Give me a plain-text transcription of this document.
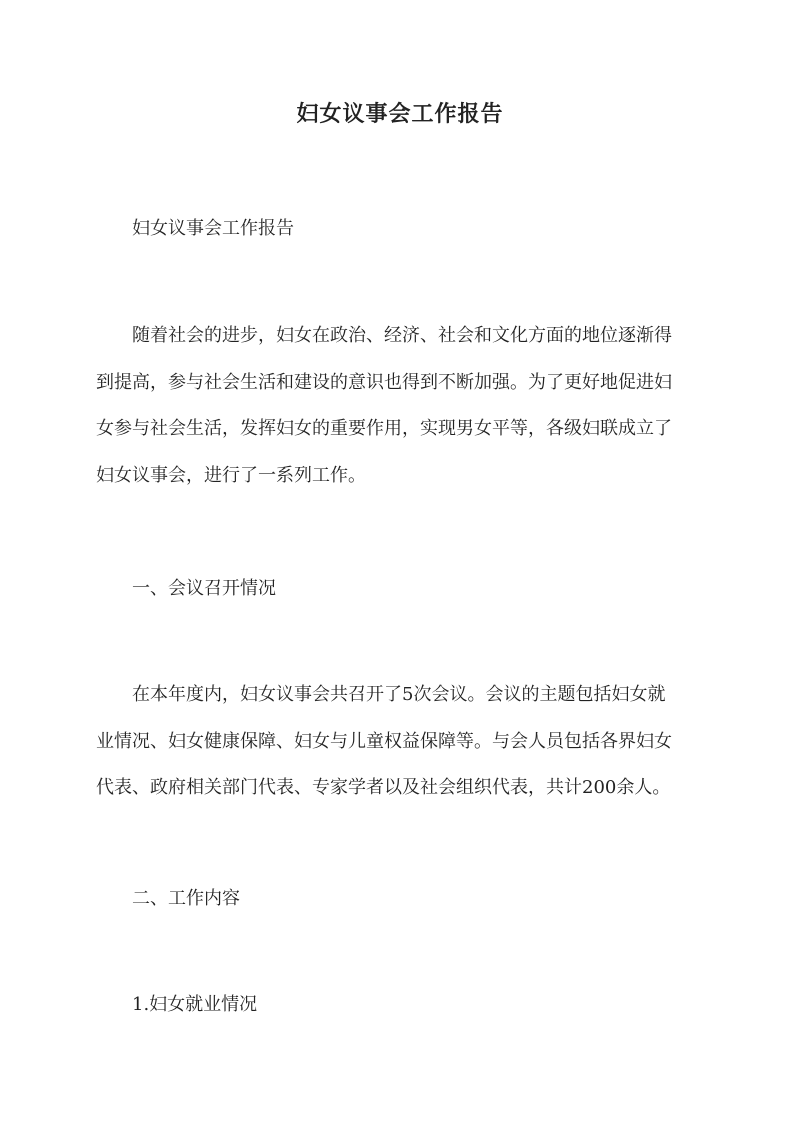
妇女议事会工作报告

妇女议事会工作报告

随着社会的进步，妇女在政治、经济、社会和文化方面的地位逐渐得
到提高，参与社会生活和建设的意识也得到不断加强。为了更好地促进妇
女参与社会生活，发挥妇女的重要作用，实现男女平等，各级妇联成立了
妇女议事会，进行了一系列工作。

一、会议召开情况

在本年度内，妇女议事会共召开了5次会议。会议的主题包括妇女就
业情况、妇女健康保障、妇女与儿童权益保障等。与会人员包括各界妇女
代表、政府相关部门代表、专家学者以及社会组织代表，共计200余人。

二、工作内容

1.妇女就业情况
